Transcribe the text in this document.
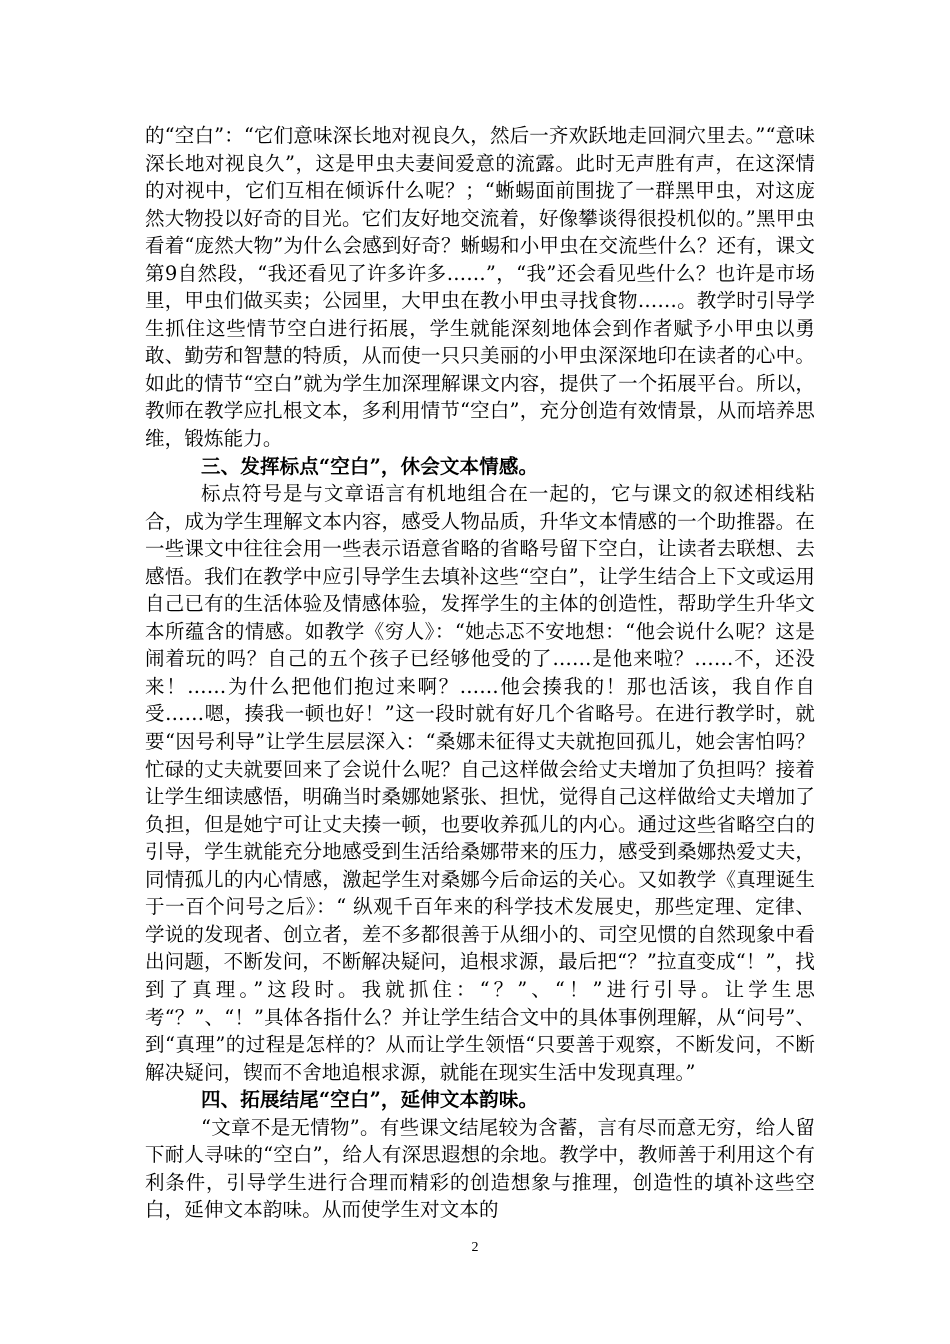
的“空白”：“它们意味深长地对视良久，然后一齐欢跃地走回洞穴里去。”“意味深长地对视良久”，这是甲虫夫妻间爱意的流露。此时无声胜有声，在这深情的对视中，它们互相在倾诉什么呢？；“蜥蜴面前围拢了一群黑甲虫，对这庞然大物投以好奇的目光。它们友好地交流着，好像攀谈得很投机似的。”黑甲虫看着“庞然大物”为什么会感到好奇？蜥蜴和小甲虫在交流些什么？还有，课文第9自然段，“我还看见了许多许多……”，“我”还会看见些什么？也许是市场里，甲虫们做买卖；公园里，大甲虫在教小甲虫寻找食物……。教学时引导学生抓住这些情节空白进行拓展，学生就能深刻地体会到作者赋予小甲虫以勇敢、勤劳和智慧的特质，从而使一只只美丽的小甲虫深深地印在读者的心中。如此的情节“空白”就为学生加深理解课文内容，提供了一个拓展平台。所以，教师在教学应扎根文本，多利用情节“空白”，充分创造有效情景，从而培养思维，锻炼能力。

三、发挥标点“空白”，休会文本情感。

标点符号是与文章语言有机地组合在一起的，它与课文的叙述相线粘合，成为学生理解文本内容，感受人物品质，升华文本情感的一个助推器。在一些课文中往往会用一些表示语意省略的省略号留下空白，让读者去联想、去感悟。我们在教学中应引导学生去填补这些“空白”，让学生结合上下文或运用自己已有的生活体验及情感体验，发挥学生的主体的创造性，帮助学生升华文本所蕴含的情感。如教学《穷人》：“她忐忑不安地想：“他会说什么呢？这是闹着玩的吗？自己的五个孩子已经够他受的了……是他来啦？……不，还没来！……为什么把他们抱过来啊？……他会揍我的！那也活该，我自作自受……嗯，揍我一顿也好！”这一段时就有好几个省略号。在进行教学时，就要“因号利导”让学生层层深入：“桑娜未征得丈夫就抱回孤儿，她会害怕吗？忙碌的丈夫就要回来了会说什么呢？自己这样做会给丈夫增加了负担吗？接着让学生细读感悟，明确当时桑娜她紧张、担忧，觉得自己这样做给丈夫增加了负担，但是她宁可让丈夫揍一顿，也要收养孤儿的内心。通过这些省略空白的引导，学生就能充分地感受到生活给桑娜带来的压力，感受到桑娜热爱丈夫，同情孤儿的内心情感，激起学生对桑娜今后命运的关心。又如教学《真理诞生于一百个问号之后》：“ 纵观千百年来的科学技术发展史，那些定理、定律、学说的发现者、创立者，差不多都很善于从细小的、司空见惯的自然现象中看出问题，不断发问，不断解决疑问，追根求源，最后把“？”拉直变成“！”，找到了真理。”这段时。我就抓住：“？”、“！”进行引导。让学生思考“？”、“！”具体各指什么？并让学生结合文中的具体事例理解，从“问号”、到“真理”的过程是怎样的？从而让学生领悟“只要善于观察，不断发问，不断解决疑问，锲而不舍地追根求源，就能在现实生活中发现真理。”

四、拓展结尾“空白”，延伸文本韵味。

“文章不是无情物”。有些课文结尾较为含蓄，言有尽而意无穷，给人留下耐人寻味的“空白”，给人有深思遐想的余地。教学中，教师善于利用这个有利条件，引导学生进行合理而精彩的创造想象与推理，创造性的填补这些空白，延伸文本韵味。从而使学生对文本的

2
